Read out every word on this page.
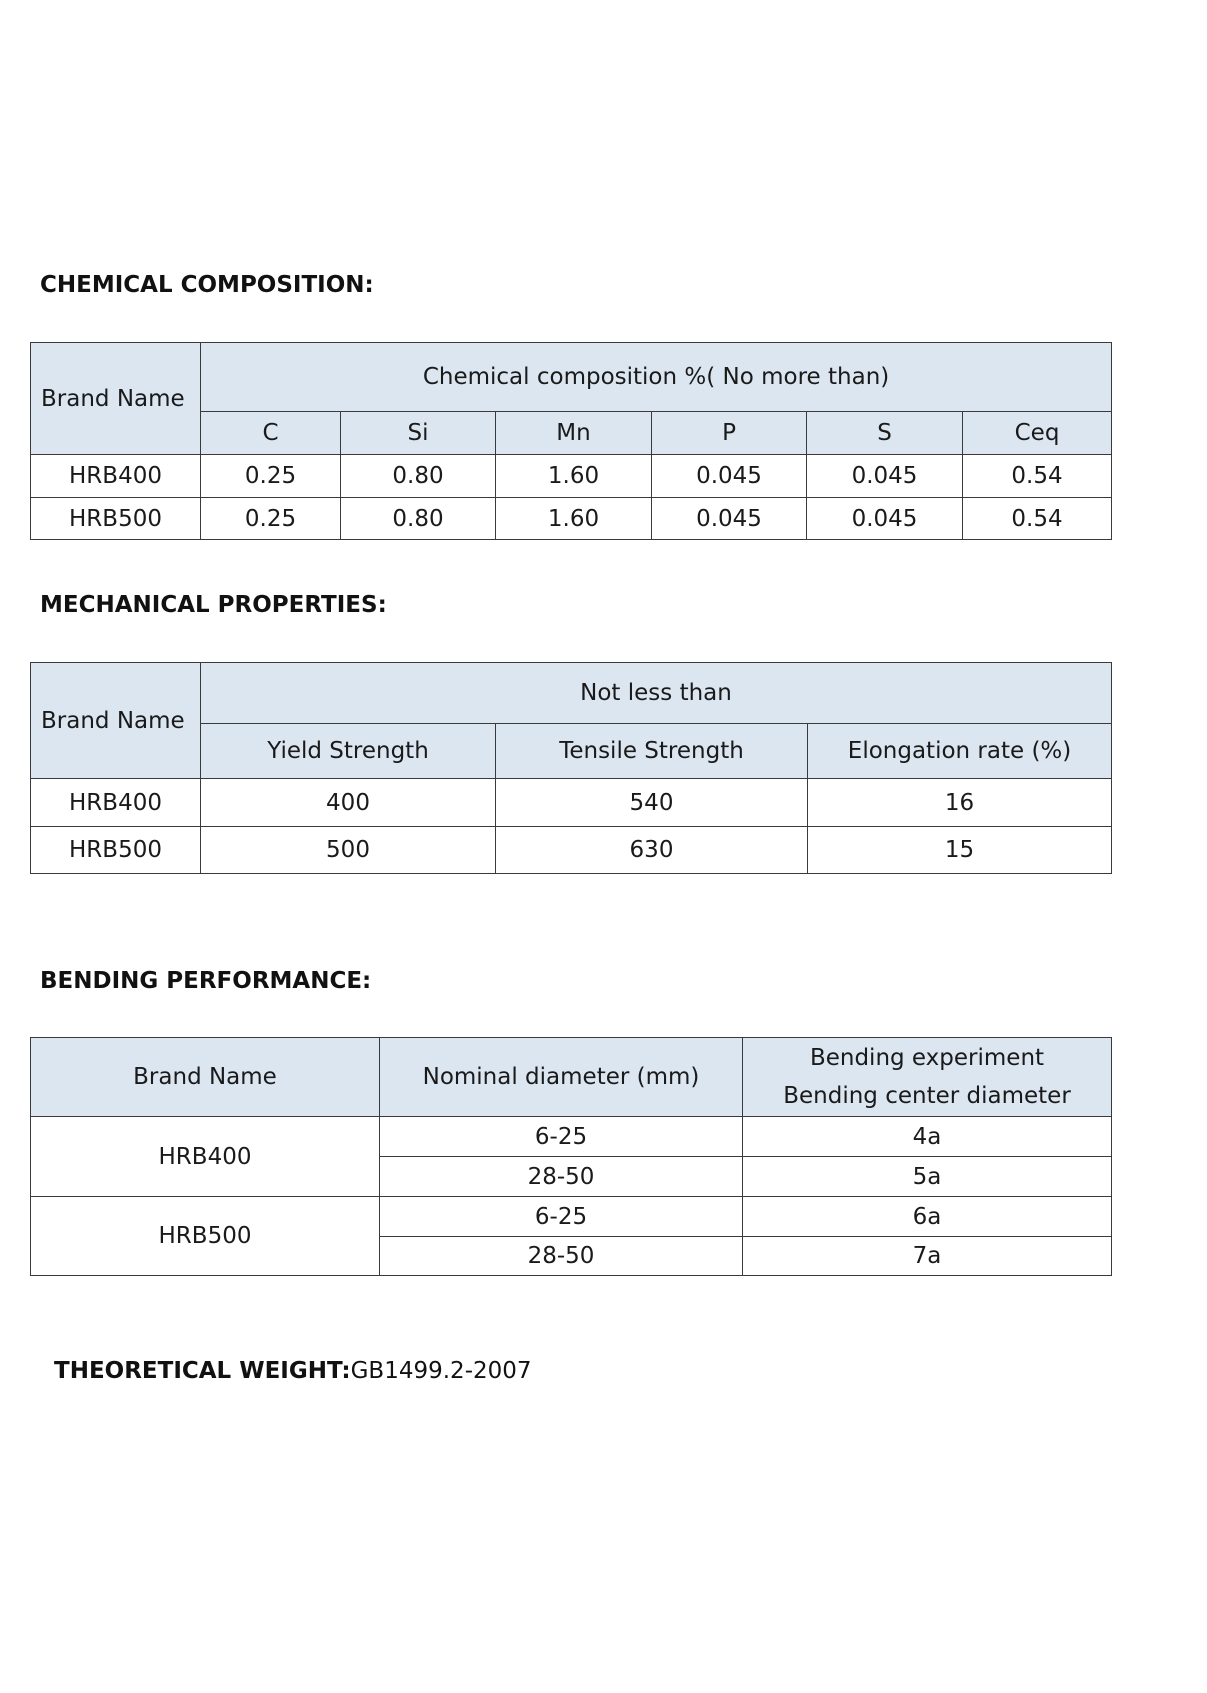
CHEMICAL COMPOSITION:
Brand Name	Chemical composition %( No more than)					
	C	Si	Mn	P	S	Ceq
HRB400	0.25	0.80	1.60	0.045	0.045	0.54
HRB500	0.25	0.80	1.60	0.045	0.045	0.54
MECHANICAL PROPERTIES:
Brand Name	Not less than		
	Yield Strength	Tensile Strength	Elongation rate (%)
HRB400	400	540	16
HRB500	500	630	15
BENDING PERFORMANCE:
Brand Name	Nominal diameter (mm)	Bending experiment
Bending center diameter

HRB400	6-25	4a
	28-50	5a
HRB500	6-25	6a
	28-50	7a

THEORETICAL WEIGHT:GB1499.2-2007
